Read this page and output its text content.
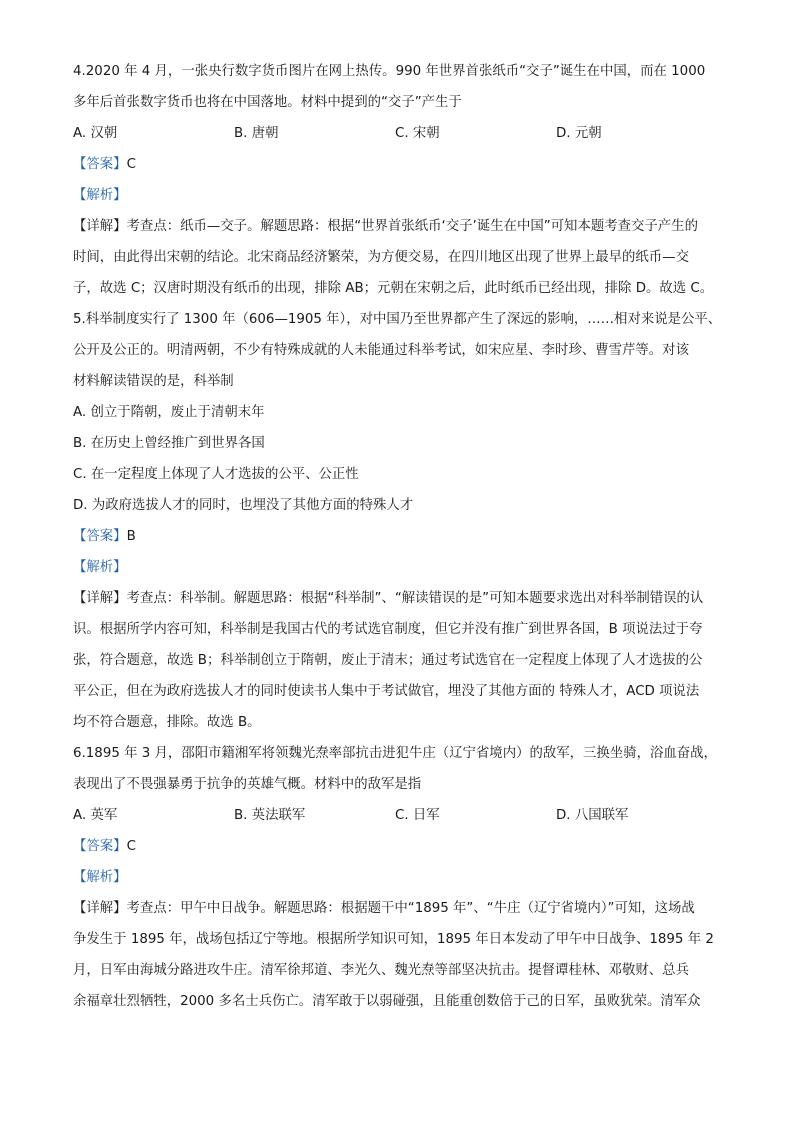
4.2020 年 4 月，一张央行数字货币图片在网上热传。990 年世界首张纸币“交子”诞生在中国，而在 1000
多年后首张数字货币也将在中国落地。材料中提到的“交子”产生于
A. 汉朝	B. 唐朝	C. 宋朝	D. 元朝
【答案】C
【解析】
【详解】考查点：纸币—交子。解题思路：根据“世界首张纸币‘交子’诞生在中国”可知本题考查交子产生的
时间，由此得出宋朝的结论。北宋商品经济繁荣，为方便交易，在四川地区出现了世界上最早的纸币—交
子，故选 C；汉唐时期没有纸币的出现，排除 AB；元朝在宋朝之后，此时纸币已经出现，排除 D。故选 C。
5.科举制度实行了 1300 年（606—1905 年），对中国乃至世界都产生了深远的影响，……相对来说是公平、
公开及公正的。明清两朝，不少有特殊成就的人未能通过科举考试，如宋应星、李时珍、曹雪芹等。对该
材料解读错误的是，科举制
A. 创立于隋朝，废止于清朝末年
B. 在历史上曾经推广到世界各国
C. 在一定程度上体现了人才选拔的公平、公正性
D. 为政府选拔人才的同时，也埋没了其他方面的特殊人才
【答案】B
【解析】
【详解】考查点：科举制。解题思路：根据“科举制”、“解读错误的是”可知本题要求选出对科举制错误的认
识。根据所学内容可知，科举制是我国古代的考试选官制度，但它并没有推广到世界各国，B 项说法过于夸
张，符合题意，故选 B；科举制创立于隋朝，废止于清末；通过考试选官在一定程度上体现了人才选拔的公
平公正，但在为政府选拔人才的同时使读书人集中于考试做官，埋没了其他方面的 特殊人才，ACD 项说法
均不符合题意，排除。故选 B。
6.1895 年 3 月，邵阳市籍湘军将领魏光焘率部抗击进犯牛庄（辽宁省境内）的敌军，三换坐骑，浴血奋战，
表现出了不畏强暴勇于抗争的英雄气概。材料中的敌军是指
A. 英军	B. 英法联军	C. 日军	D. 八国联军
【答案】C
【解析】
【详解】考查点：甲午中日战争。解题思路：根据题干中“1895 年”、“牛庄（辽宁省境内）”可知，这场战
争发生于 1895 年，战场包括辽宁等地。根据所学知识可知，1895 年日本发动了甲午中日战争、1895 年 2
月，日军由海城分路进攻牛庄。清军徐邦道、李光久、魏光焘等部坚决抗击。提督谭桂林、邓敬财、总兵
余福章壮烈牺牲，2000 多名士兵伤亡。清军敢于以弱碰强，且能重创数倍于己的日军，虽败犹荣。清军众
